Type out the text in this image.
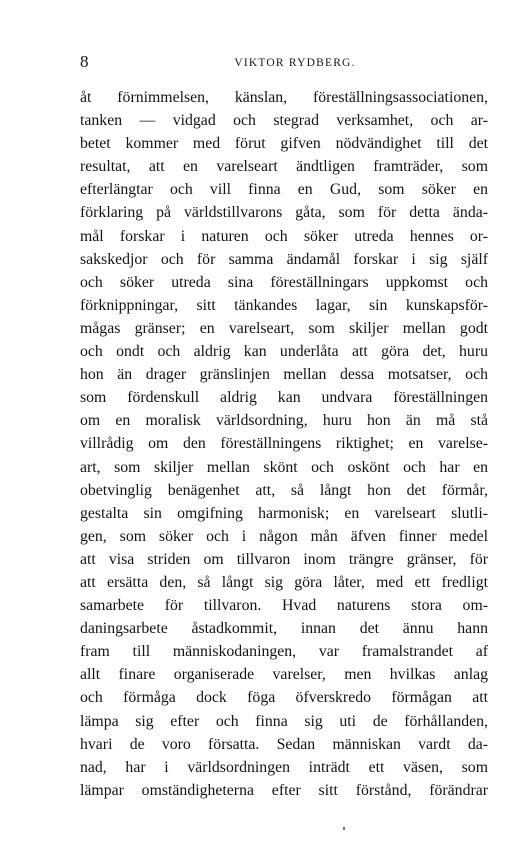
8	VIKTOR RYDBERG.
åt förnimmelsen, känslan, föreställningsassociationen,
tanken — vidgad och stegrad verksamhet, och ar-
betet kommer med förut gifven nödvändighet till det
resultat, att en varelseart ändtligen framträder, som
efterlängtar och vill finna en Gud, som söker en
förklaring på världstillvarons gåta, som för detta ända-
mål forskar i naturen och söker utreda hennes or-
sakskedjor och för samma ändamål forskar i sig själf
och söker utreda sina föreställningars uppkomst och
förknippningar, sitt tänkandes lagar, sin kunskapsför-
mågas gränser; en varelseart, som skiljer mellan godt
och ondt och aldrig kan underlåta att göra det, huru
hon än drager gränslinjen mellan dessa motsatser, och
som fördenskull aldrig kan undvara föreställningen
om en moralisk världsordning, huru hon än må stå
villrådig om den föreställningens riktighet; en varelse-
art, som skiljer mellan skönt och oskönt och har en
obetvinglig benägenhet att, så långt hon det förmår,
gestalta sin omgifning harmonisk; en varelseart slutli-
gen, som söker och i någon mån äfven finner medel
att visa striden om tillvaron inom trängre gränser, för
att ersätta den, så långt sig göra låter, med ett fredligt
samarbete för tillvaron. Hvad naturens stora om-
daningsarbete åstadkommit, innan det ännu hann
fram till människodaningen, var framalstrandet af
allt finare organiserade varelser, men hvilkas anlag
och förmåga dock föga öfverskredo förmågan att
lämpa sig efter och finna sig uti de förhållanden,
hvari de voro försatta. Sedan människan vardt da-
nad, har i världsordningen inträdt ett väsen, som
lämpar omständigheterna efter sitt förstånd, förändrar
